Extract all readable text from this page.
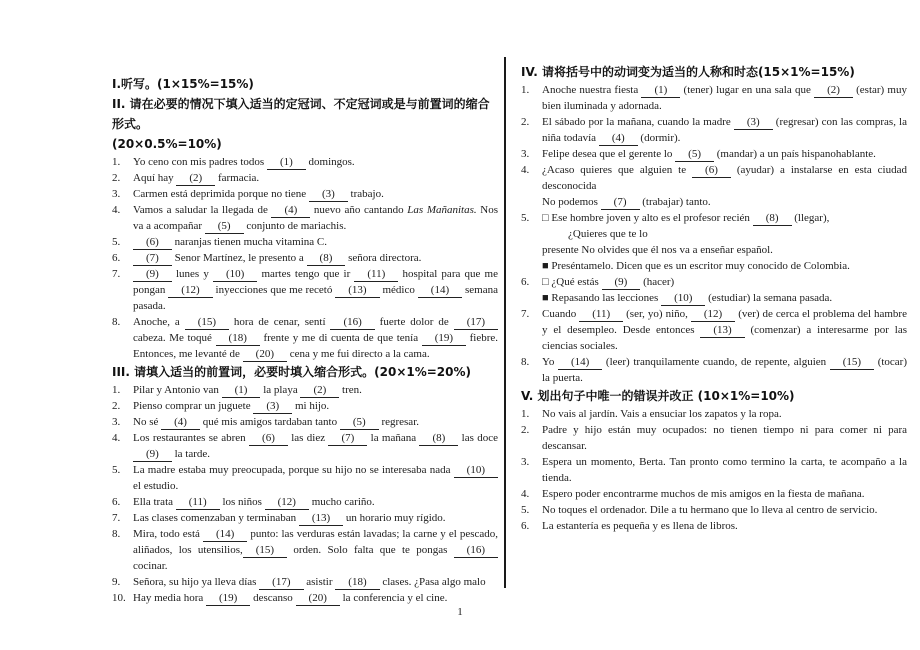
I.听写。(1×15%=15%)
II. 请在必要的情况下填入适当的定冠词、不定冠词或是与前置词的缩合形式。
(20×0.5%=10%)
1.	Yo ceno con mis padres todos (1) domingos.
2.	Aquí hay (2) farmacia.
3.	Carmen está deprimida porque no tiene (3) trabajo.
4.	Vamos a saludar la llegada de (4) nuevo año cantando Las Mañanitas. Nos va a acompañar (5) conjunto de mariachis.
5.	(6) naranjas tienen mucha vitamina C.
6.	(7) Senor Martínez, le presento a (8) señora directora.
7.	(9) lunes y (10) martes tengo que ir (11) hospital para que me pongan (12) inyecciones que me recetó (13) médico (14) semana pasada.
8.	Anoche, a (15) hora de cenar, sentí (16) fuerte dolor de (17) cabeza. Me toqué (18) frente y me di cuenta de que tenía (19) fiebre. Entonces, me levanté de (20) cena y me fui directo a la cama.
III. 请填入适当的前置词，必要时填入缩合形式。(20×1%=20%)
1.	Pilar y Antonio van (1) la playa (2) tren.
2.	Pienso comprar un juguete (3) mi hijo.
3.	No sé (4) qué mis amigos tardaban tanto (5) regresar.
4.	Los restaurantes se abren (6) las diez (7) la mañana (8) las doce (9) la tarde.
5.	La madre estaba muy preocupada, porque su hijo no se interesaba nada (10) el estudio.
6.	Ella trata (11) los niños (12) mucho cariño.
7.	Las clases comenzaban y terminaban (13) un horario muy rígido.
8.	Mira, todo está (14) punto: las verduras están lavadas; la carne y el pescado, aliñados, los utensilios, (15) orden. Solo falta que te pongas (16) cocinar.
9.	Señora, su hijo ya lleva días (17) asistir (18) clases. ¿Pasa algo malo
10. Hay media hora (19) descanso (20) la conferencia y el cine.
IV. 请将括号中的动词变为适当的人称和时态(15×1%=15%)
1.	Anoche nuestra fiesta (1) (tener) lugar en una sala que (2) (estar) muy bien iluminada y adornada.
2.	El sábado por la mañana, cuando la madre (3) (regresar) con las compras, la niña todavía (4) (dormir).
3.	Felipe desea que el gerente lo (5) (mandar) a un país hispanohablante.
4.	¿Acaso quieres que alguien te (6) (ayudar) a instalarse en esta ciudad desconocida
No podemos (7) (trabajar) tanto.
5.	□ Ese hombre joven y alto es el profesor recién (8) (llegar),
¿Quieres que te lo
presente No olvides que él nos va a enseñar español.
■ Preséntamelo. Dicen que es un escritor muy conocido de Colombia.
6.	□ ¿Qué estás (9) (hacer)
■ Repasando las lecciones (10) (estudiar) la semana pasada.
7.	Cuando (11) (ser, yo) niño, (12) (ver) de cerca el problema del hambre y el desempleo. Desde entonces (13) (comenzar) a interesarme por las ciencias sociales.
8.	Yo (14) (leer) tranquilamente cuando, de repente, alguien (15) (tocar) la puerta.
V. 划出句子中唯一的错误并改正 (10×1%=10%)
1.	No vais al jardín. Vais a ensuciar los zapatos y la ropa.
2.	Padre y hijo están muy ocupados: no tienen tiempo ni para comer ni para descansar.
3.	Espera un momento, Berta. Tan pronto como termino la carta, te acompaño a la tienda.
4.	Espero poder encontrarme muchos de mis amigos en la fiesta de mañana.
5.	No toques el ordenador. Dile a tu hermano que lo lleva al centro de servicio.
6.	La estantería es pequeña y es llena de libros.
1
